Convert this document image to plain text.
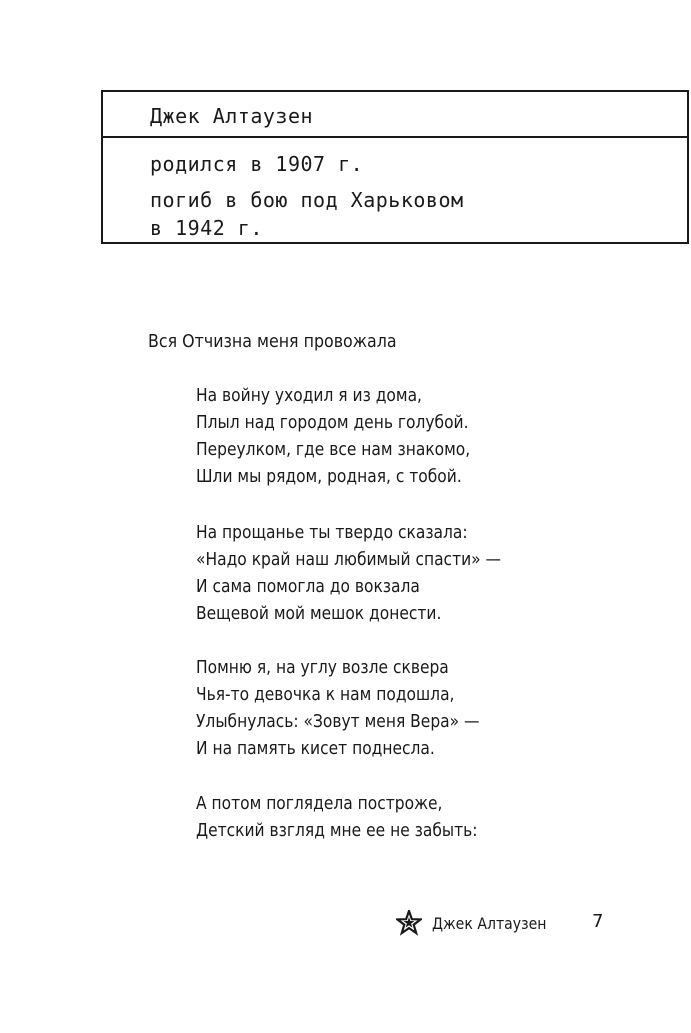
Джек Алтаузен
родился в 1907 г.
погиб в бою под Харьковом
в 1942 г.
Вся Отчизна меня провожала
На войну уходил я из дома,
Плыл над городом день голубой.
Переулком, где все нам знакомо,
Шли мы рядом, родная, с тобой.
На прощанье ты твердо сказала:
«Надо край наш любимый спасти» —
И сама помогла до вокзала
Вещевой мой мешок донести.
Помню я, на углу возле сквера
Чья-то девочка к нам подошла,
Улыбнулась: «Зовут меня Вера» —
И на память кисет поднесла.
А потом поглядела построже,
Детский взгляд мне ее не забыть:
Джек Алтаузен	7
